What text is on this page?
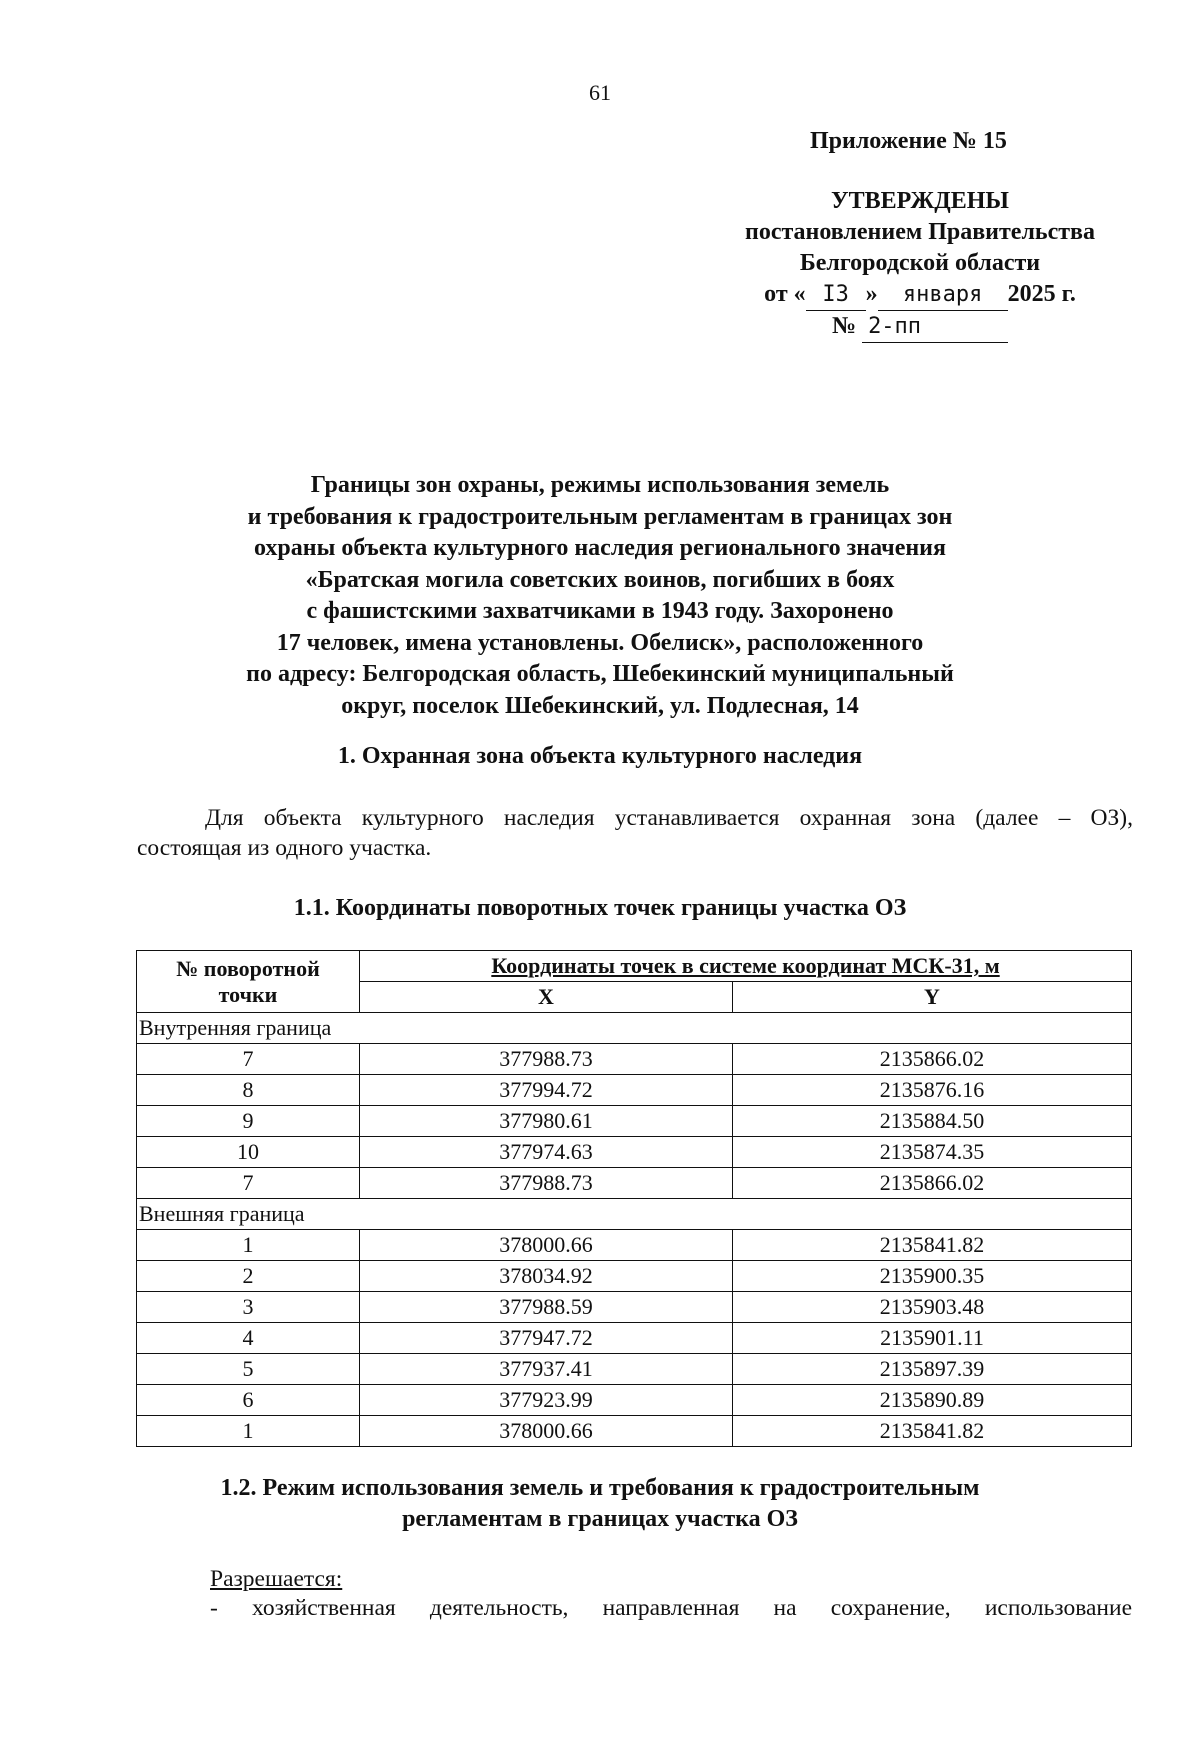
61
Приложение № 15
УТВЕРЖДЕНЫ
постановлением Правительства
Белгородской области
от « I3 » января 2025 г.
№ 2-пп
Границы зон охраны, режимы использования земель
и требования к градостроительным регламентам в границах зон
охраны объекта культурного наследия регионального значения
«Братская могила советских воинов, погибших в боях
с фашистскими захватчиками в 1943 году. Захоронено
17 человек, имена установлены. Обелиск», расположенного
по адресу: Белгородская область, Шебекинский муниципальный
округ, поселок Шебекинский, ул. Подлесная, 14
1. Охранная зона объекта культурного наследия
Для объекта культурного наследия устанавливается охранная зона (далее – ОЗ),
состоящая из одного участка.
1.1. Координаты поворотных точек границы участка ОЗ
№ поворотной
точки	Координаты точек в системе координат МСК-31, м	
	X	Y
Внутренняя граница		
7	377988.73	2135866.02
8	377994.72	2135876.16
9	377980.61	2135884.50
10	377974.63	2135874.35
7	377988.73	2135866.02
Внешняя граница		
1	378000.66	2135841.82
2	378034.92	2135900.35
3	377988.59	2135903.48
4	377947.72	2135901.11
5	377937.41	2135897.39
6	377923.99	2135890.89
1	378000.66	2135841.82
1.2. Режим использования земель и требования к градостроительным
регламентам в границах участка ОЗ
Разрешается:
- хозяйственная деятельность, направленная на сохранение, использование
